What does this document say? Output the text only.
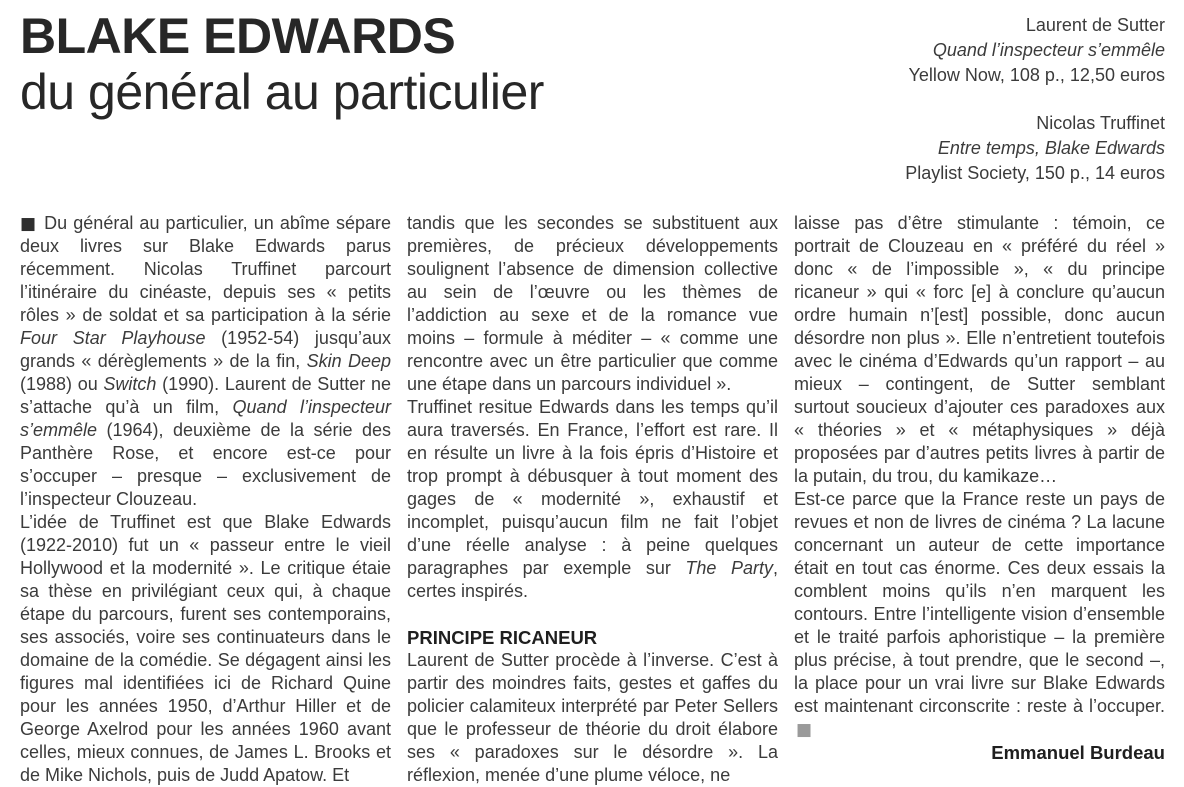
BLAKE EDWARDS
du général au particulier
Laurent de Sutter
Quand l’inspecteur s’emmêle
Yellow Now, 108 p., 12,50 euros
Nicolas Truffinet
Entre temps, Blake Edwards
Playlist Society, 150 p., 14 euros

■ Du général au particulier, un abîme sépare deux livres sur Blake Edwards parus récemment. Nicolas Truffinet parcourt l’itinéraire du cinéaste, depuis ses « petits rôles » de soldat et sa participation à la série Four Star Playhouse (1952-54) jusqu’aux grands « dérèglements » de la fin, Skin Deep (1988) ou Switch (1990). Laurent de Sutter ne s’attache qu’à un film, Quand l’inspecteur s’emmêle (1964), deuxième de la série des Panthère Rose, et encore est-ce pour s’occuper – presque – exclusivement de l’inspecteur Clouzeau.

L’idée de Truffinet est que Blake Edwards (1922-2010) fut un « passeur entre le vieil Hollywood et la modernité ». Le critique étaie sa thèse en privilégiant ceux qui, à chaque étape du parcours, furent ses contemporains, ses associés, voire ses continuateurs dans le domaine de la comédie. Se dégagent ainsi les figures mal identifiées ici de Richard Quine pour les années 1950, d’Arthur Hiller et de George Axelrod pour les années 1960 avant celles, mieux connues, de James L. Brooks et de Mike Nichols, puis de Judd Apatow. Et

tandis que les secondes se substituent aux premières, de précieux développements soulignent l’absence de dimension collective au sein de l’œuvre ou les thèmes de l’addiction au sexe et de la romance vue moins – formule à méditer – « comme une rencontre avec un être particulier que comme une étape dans un parcours individuel ».

Truffinet resitue Edwards dans les temps qu’il aura traversés. En France, l’effort est rare. Il en résulte un livre à la fois épris d’Histoire et trop prompt à débusquer à tout moment des gages de « modernité », exhaustif et incomplet, puisqu’aucun film ne fait l’objet d’une réelle analyse : à peine quelques paragraphes par exemple sur The Party, certes inspirés.

PRINCIPE RICANEUR

Laurent de Sutter procède à l’inverse. C’est à partir des moindres faits, gestes et gaffes du policier calamiteux interprété par Peter Sellers que le professeur de théorie du droit élabore ses « paradoxes sur le désordre ». La réflexion, menée d’une plume véloce, ne

laisse pas d’être stimulante : témoin, ce portrait de Clouzeau en « préféré du réel » donc « de l’impossible », « du principe ricaneur » qui « forc [e] à conclure qu’aucun ordre humain n’[est] possible, donc aucun désordre non plus ». Elle n’entretient toutefois avec le cinéma d’Edwards qu’un rapport – au mieux – contingent, de Sutter semblant surtout soucieux d’ajouter ces paradoxes aux « théories » et « métaphysiques » déjà proposées par d’autres petits livres à partir de la putain, du trou, du kamikaze…

Est-ce parce que la France reste un pays de revues et non de livres de cinéma ? La lacune concernant un auteur de cette importance était en tout cas énorme. Ces deux essais la comblent moins qu’ils n’en marquent les contours. Entre l’intelligente vision d’ensemble et le traité parfois aphoristique – la première plus précise, à tout prendre, que le second –, la place pour un vrai livre sur Blake Edwards est maintenant circonscrite : reste à l’occuper. ■

Emmanuel Burdeau
